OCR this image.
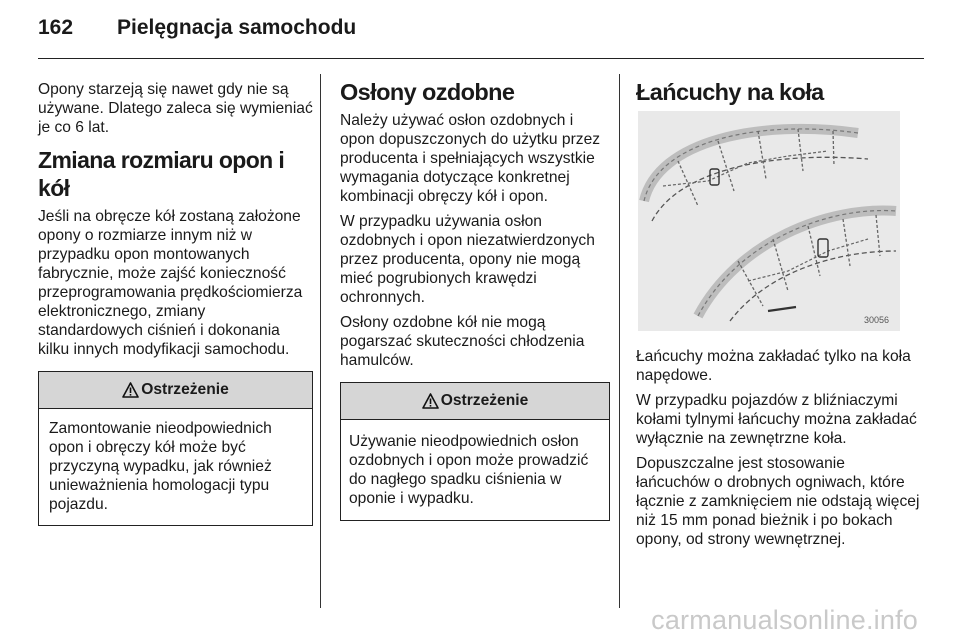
162 Pielęgnacja samochodu

Opony starzeją się nawet gdy nie są używane. Dlatego zaleca się wymieniać je co 6 lat.

Zmiana rozmiaru opon i kół

Jeśli na obręcze kół zostaną założone opony o rozmiarze innym niż w przypadku opon montowanych fabrycznie, może zajść konieczność przeprogramowania prędkościomierza elektronicznego, zmiany standardowych ciśnień i dokonania kilku innych modyfikacji samochodu.

Ostrzeżenie
Zamontowanie nieodpowiednich opon i obręczy kół może być przyczyną wypadku, jak również unieważnienia homologacji typu pojazdu.
Osłony ozdobne

Należy używać osłon ozdobnych i opon dopuszczonych do użytku przez producenta i spełniających wszystkie wymagania dotyczące konkretnej kombinacji obręczy kół i opon.

W przypadku używania osłon ozdobnych i opon niezatwierdzonych przez producenta, opony nie mogą mieć pogrubionych krawędzi ochronnych.

Osłony ozdobne kół nie mogą pogarszać skuteczności chłodzenia hamulców.

Ostrzeżenie
Używanie nieodpowiednich osłon ozdobnych i opon może prowadzić do nagłego spadku ciśnienia w oponie i wypadku.
Łańcuchy na koła
30056

Łańcuchy można zakładać tylko na koła napędowe.

W przypadku pojazdów z bliźniaczymi kołami tylnymi łańcuchy można zakładać wyłącznie na zewnętrzne koła.

Dopuszczalne jest stosowanie łańcuchów o drobnych ogniwach, które łącznie z zamknięciem nie odstają więcej niż 15 mm ponad bieżnik i po bokach opony, od strony wewnętrznej.

carmanualsonline.info
